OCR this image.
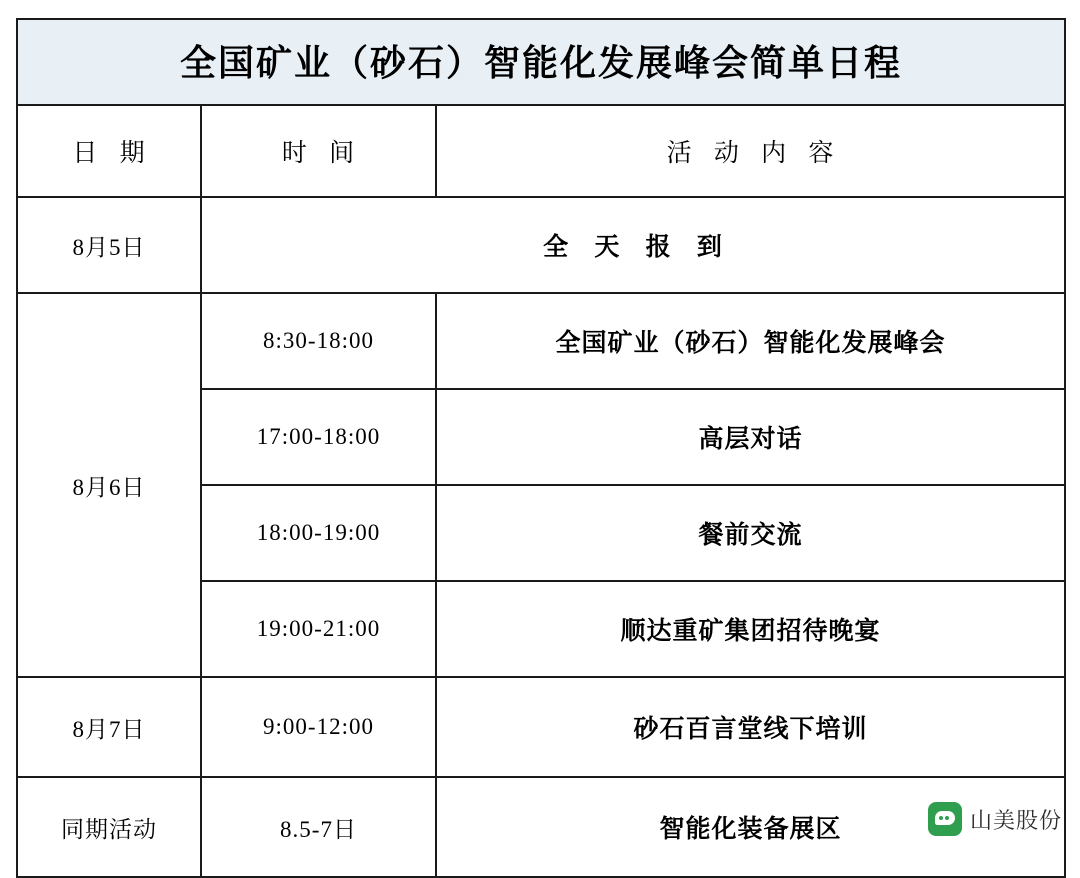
全国矿业（砂石）智能化发展峰会简单日程		
日 期	时 间	活 动 内 容
8月5日	全 天 报 到	
8月6日	8:30-18:00	全国矿业（砂石）智能化发展峰会
	17:00-18:00	高层对话
	18:00-19:00	餐前交流
	19:00-21:00	顺达重矿集团招待晚宴
8月7日	9:00-12:00	砂石百言堂线下培训
同期活动	8.5-7日	智能化装备展区	山美股份
